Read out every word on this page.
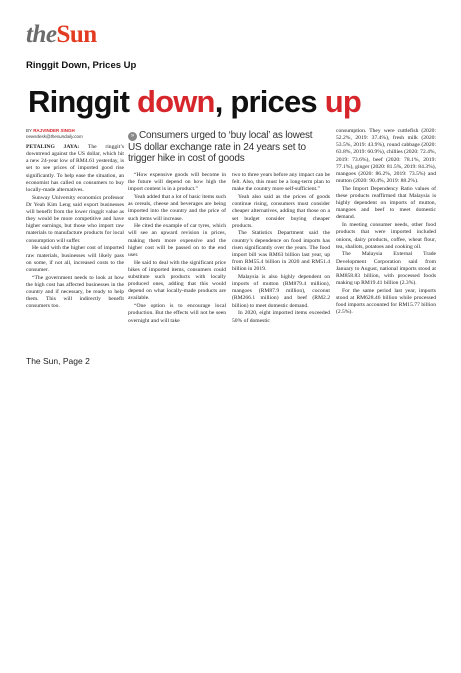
theSun
Ringgit Down, Prices Up
Ringgit down, prices up
BY RAJVINDER SINGH
newsdesk@thesundaily.com	» Consumers urged to ‘buy local’ as lowest US dollar exchange rate in 24 years set to trigger hike in cost of goods

PETALING JAYA: The ringgit’s downtrend against the US dollar, which hit a new 24-year low of RM4.61 yesterday, is set to see prices of imported good rise significantly. To help ease the situation, an economist has called on consumers to buy locally-made alternatives.

Sunway University economics professor Dr Yeah Kim Leng said export businesses will benefit from the lower ringgit value as they would be more competitive and have higher earnings, but those who import raw materials to manufacture products for local consumption will suffer.

He said with the higher cost of imported raw materials, businesses will likely pass on some, if not all, increased costs to the consumer.

“The government needs to look at how the high cost has affected businesses in the country and if necessary, be ready to help them. This will indirectly benefit consumers too.

“How expensive goods will become in the future will depend on how high the import content is in a product.”

Yeah added that a lot of basic items such as cereals, cheese and beverages are being imported into the country and the price of such items will increase.

He cited the example of car tyres, which will see an upward revision in prices, making them more expensive and the higher cost will be passed on to the end user.

He said to deal with the significant price hikes of imported items, consumers could substitute such products with locally produced ones, adding that this would depend on what locally-made products are available.

“One option is to encourage local production. But the effects will not be seen overnight and will take

two to three years before any impact can be felt. Also, this must be a long-term plan to make the country more self-sufficient.”

Yeah also said as the prices of goods continue rising, consumers must consider cheaper alternatives, adding that those on a set budget consider buying cheaper products.

The Statistics Department said the country’s dependence on food imports has risen significantly over the years. The food import bill was RM63 billion last year, up from RM55.4 billion in 2020 and RM51.4 billion in 2019.

Malaysia is also highly dependent on imports of mutton (RM879.4 million), mangoes (RM87.9 million), coconut (RM266.1 million) and beef (RM2.2 billion) to meet domestic demand.

In 2020, eight imported items exceeded 50% of domestic

consumption. They were cuttlefish (2020: 52.2%, 2019: 37.4%), fresh milk (2020: 53.5%, 2019: 43.9%), round cabbage (2020: 63.8%, 2019: 60.9%), chillies (2020: 72.4%, 2019: 73.6%), beef (2020: 78.1%, 2019: 77.1%), ginger (2020: 81.5%, 2019: 84.3%), mangoes (2020: 86.2%, 2019: 73.5%) and mutton (2020: 90.4%, 2019: 88.2%).

The Import Dependency Ratio values of these products reaffirmed that Malaysia is highly dependent on imports of mutton, mangoes and beef to meet domestic demand.

In meeting consumer needs, other food products that were imported included onions, dairy products, coffee, wheat flour, tea, shallots, potatoes and cooking oil.

The Malaysia External Trade Development Corporation said from January to August, national imports stood at RM858.83 billion, with processed foods making up RM19.41 billion (2.3%).

For the same period last year, imports stood at RM628.46 billion while processed food imports accounted for RM15.77 billion (2.5%).

The Sun, Page 2
